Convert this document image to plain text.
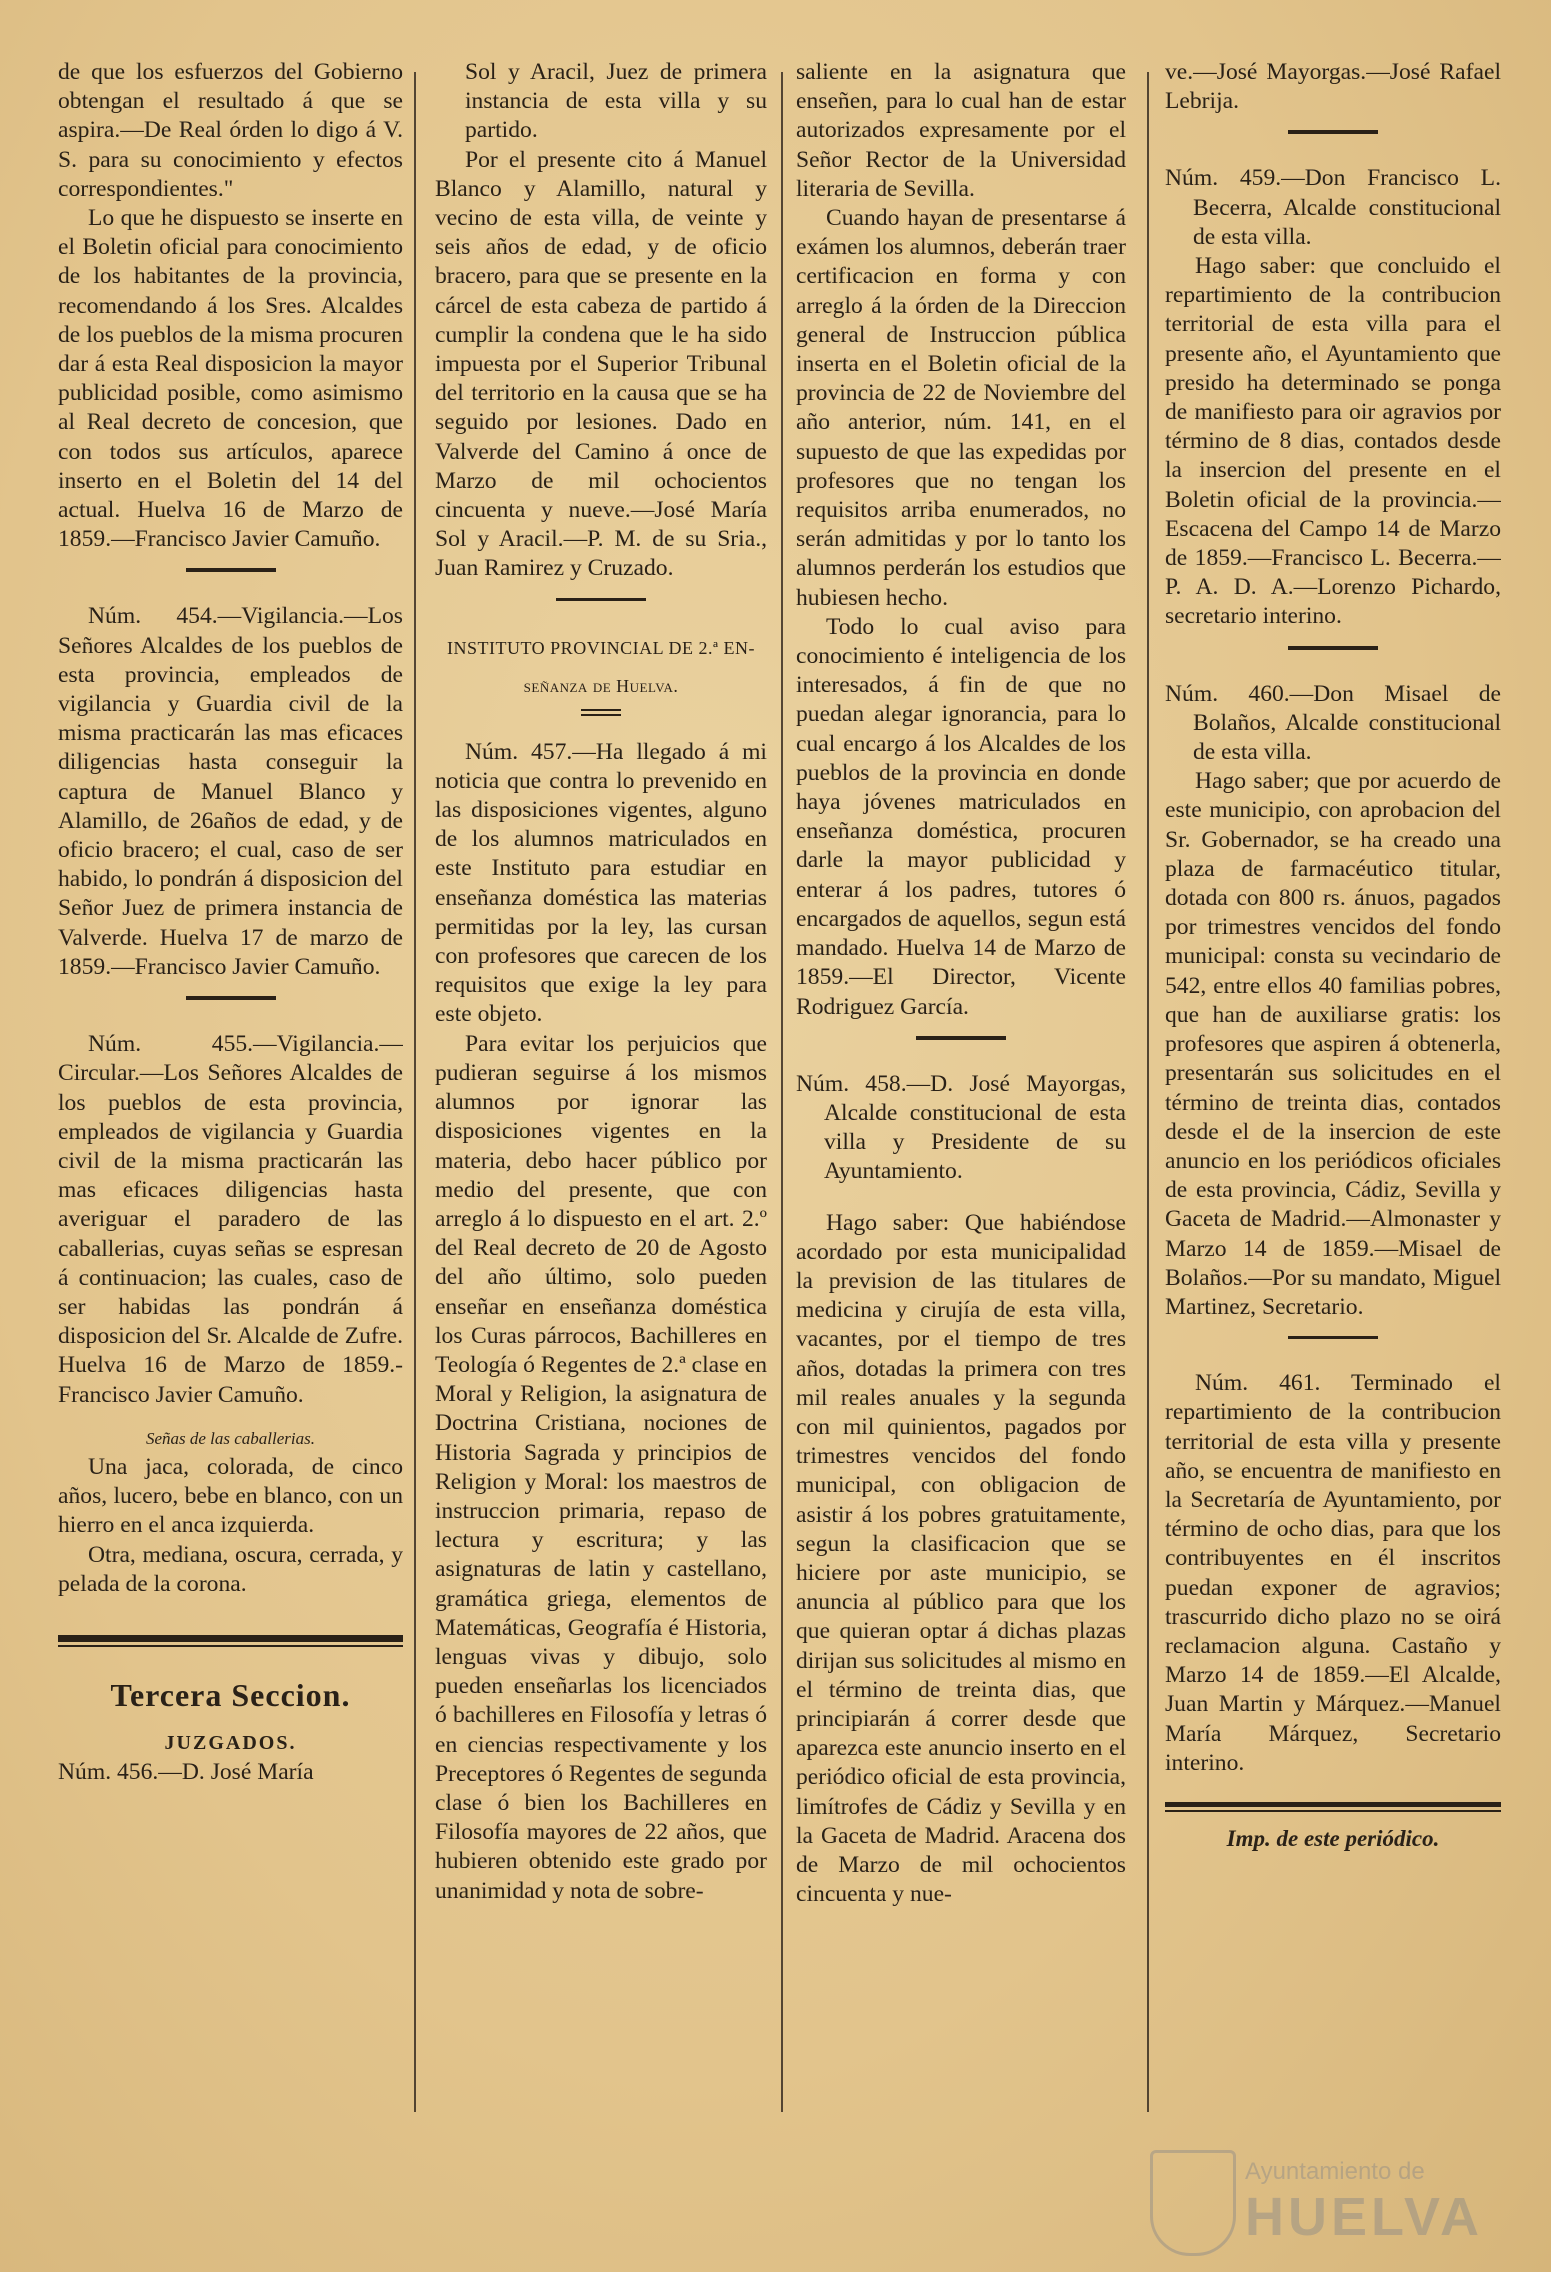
de que los esfuerzos del Gobierno obtengan el resultado á que se aspira.—De Real órden lo digo á V. S. para su conocimiento y efectos correspondientes."

Lo que he dispuesto se inserte en el Boletin oficial para conocimiento de los habitantes de la provincia, recomendando á los Sres. Alcaldes de los pueblos de la misma procuren dar á esta Real disposicion la mayor publicidad posible, como asimismo al Real decreto de concesion, que con todos sus artículos, aparece inserto en el Boletin del 14 del actual. Huelva 16 de Marzo de 1859.—Francisco Javier Camuño.

Núm. 454.—Vigilancia.—Los Señores Alcaldes de los pueblos de esta provincia, empleados de vigilancia y Guardia civil de la misma practicarán las mas eficaces diligencias hasta conseguir la captura de Manuel Blanco y Alamillo, de 26años de edad, y de oficio bracero; el cual, caso de ser habido, lo pondrán á disposicion del Señor Juez de primera instancia de Valverde. Huelva 17 de marzo de 1859.—Francisco Javier Camuño.

Núm. 455.—Vigilancia.—Circular.—Los Señores Alcaldes de los pueblos de esta provincia, empleados de vigilancia y Guardia civil de la misma practicarán las mas eficaces diligencias hasta averiguar el paradero de las caballerias, cuyas señas se espresan á continuacion; las cuales, caso de ser habidas las pondrán á disposicion del Sr. Alcalde de Zufre. Huelva 16 de Marzo de 1859.-Francisco Javier Camuño.

Señas de las caballerias.

Una jaca, colorada, de cinco años, lucero, bebe en blanco, con un hierro en el anca izquierda.

Otra, mediana, oscura, cerrada, y pelada de la corona.

Tercera Seccion.
JUZGADOS.

Núm. 456.—D. José María

Sol y Aracil, Juez de primera instancia de esta villa y su partido.

Por el presente cito á Manuel Blanco y Alamillo, natural y vecino de esta villa, de veinte y seis años de edad, y de oficio bracero, para que se presente en la cárcel de esta cabeza de partido á cumplir la condena que le ha sido impuesta por el Superior Tribunal del territorio en la causa que se ha seguido por lesiones. Dado en Valverde del Camino á once de Marzo de mil ochocientos cincuenta y nueve.—José María Sol y Aracil.—P. M. de su Sria., Juan Ramirez y Cruzado.

INSTITUTO PROVINCIAL DE 2.ª EN-
señanza de Huelva.

Núm. 457.—Ha llegado á mi noticia que contra lo prevenido en las disposiciones vigentes, alguno de los alumnos matriculados en este Instituto para estudiar en enseñanza doméstica las materias permitidas por la ley, las cursan con profesores que carecen de los requisitos que exige la ley para este objeto.

Para evitar los perjuicios que pudieran seguirse á los mismos alumnos por ignorar las disposiciones vigentes en la materia, debo hacer público por medio del presente, que con arreglo á lo dispuesto en el art. 2.º del Real decreto de 20 de Agosto del año último, solo pueden enseñar en enseñanza doméstica los Curas párrocos, Bachilleres en Teología ó Regentes de 2.ª clase en Moral y Religion, la asignatura de Doctrina Cristiana, nociones de Historia Sagrada y principios de Religion y Moral: los maestros de instruccion primaria, repaso de lectura y escritura; y las asignaturas de latin y castellano, gramática griega, elementos de Matemáticas, Geografía é Historia, lenguas vivas y dibujo, solo pueden enseñarlas los licenciados ó bachilleres en Filosofía y letras ó en ciencias respectivamente y los Preceptores ó Regentes de segunda clase ó bien los Bachilleres en Filosofía mayores de 22 años, que hubieren obtenido este grado por unanimidad y nota de sobre-

saliente en la asignatura que enseñen, para lo cual han de estar autorizados expresamente por el Señor Rector de la Universidad literaria de Sevilla.

Cuando hayan de presentarse á exámen los alumnos, deberán traer certificacion en forma y con arreglo á la órden de la Direccion general de Instruccion pública inserta en el Boletin oficial de la provincia de 22 de Noviembre del año anterior, núm. 141, en el supuesto de que las expedidas por profesores que no tengan los requisitos arriba enumerados, no serán admitidas y por lo tanto los alumnos perderán los estudios que hubiesen hecho.

Todo lo cual aviso para conocimiento é inteligencia de los interesados, á fin de que no puedan alegar ignorancia, para lo cual encargo á los Alcaldes de los pueblos de la provincia en donde haya jóvenes matriculados en enseñanza doméstica, procuren darle la mayor publicidad y enterar á los padres, tutores ó encargados de aquellos, segun está mandado. Huelva 14 de Marzo de 1859.—El Director, Vicente Rodriguez García.

Núm. 458.—D. José Mayorgas, Alcalde constitucional de esta villa y Presidente de su Ayuntamiento.

Hago saber: Que habiéndose acordado por esta municipalidad la prevision de las titulares de medicina y cirujía de esta villa, vacantes, por el tiempo de tres años, dotadas la primera con tres mil reales anuales y la segunda con mil quinientos, pagados por trimestres vencidos del fondo municipal, con obligacion de asistir á los pobres gratuitamente, segun la clasificacion que se hiciere por aste municipio, se anuncia al público para que los que quieran optar á dichas plazas dirijan sus solicitudes al mismo en el término de treinta dias, que principiarán á correr desde que aparezca este anuncio inserto en el periódico oficial de esta provincia, limítrofes de Cádiz y Sevilla y en la Gaceta de Madrid. Aracena dos de Marzo de mil ochocientos cincuenta y nue-

ve.—José Mayorgas.—José Rafael Lebrija.

Núm. 459.—Don Francisco L. Becerra, Alcalde constitucional de esta villa.

Hago saber: que concluido el repartimiento de la contribucion territorial de esta villa para el presente año, el Ayuntamiento que presido ha determinado se ponga de manifiesto para oir agravios por término de 8 dias, contados desde la insercion del presente en el Boletin oficial de la provincia.—Escacena del Campo 14 de Marzo de 1859.—Francisco L. Becerra.—P. A. D. A.—Lorenzo Pichardo, secretario interino.

Núm. 460.—Don Misael de Bolaños, Alcalde constitucional de esta villa.

Hago saber; que por acuerdo de este municipio, con aprobacion del Sr. Gobernador, se ha creado una plaza de farmacéutico titular, dotada con 800 rs. ánuos, pagados por trimestres vencidos del fondo municipal: consta su vecindario de 542, entre ellos 40 familias pobres, que han de auxiliarse gratis: los profesores que aspiren á obtenerla, presentarán sus solicitudes en el término de treinta dias, contados desde el de la insercion de este anuncio en los periódicos oficiales de esta provincia, Cádiz, Sevilla y Gaceta de Madrid.—Almonaster y Marzo 14 de 1859.—Misael de Bolaños.—Por su mandato, Miguel Martinez, Secretario.

Núm. 461. Terminado el repartimiento de la contribucion territorial de esta villa y presente año, se encuentra de manifiesto en la Secretaría de Ayuntamiento, por término de ocho dias, para que los contribuyentes en él inscritos puedan exponer de agravios; trascurrido dicho plazo no se oirá reclamacion alguna. Castaño y Marzo 14 de 1859.—El Alcalde, Juan Martin y Márquez.—Manuel María Márquez, Secretario interino.

Imp. de este periódico.
Ayuntamiento de
HUELVA
